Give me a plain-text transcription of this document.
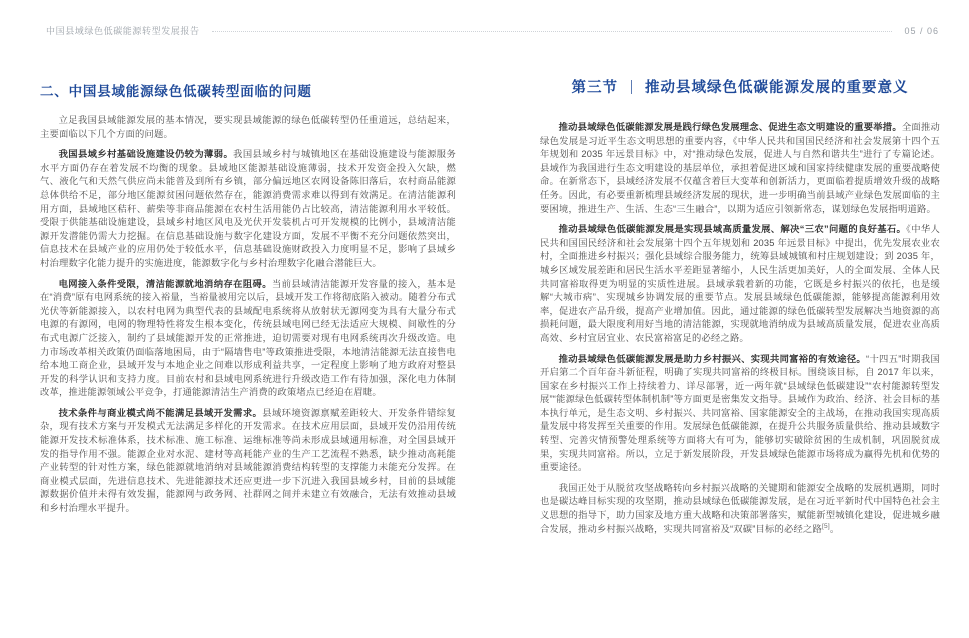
中国县域绿色低碳能源转型发展报告	05 / 06
二、中国县域能源绿色低碳转型面临的问题

立足我国县域能源发展的基本情况，要实现县域能源的绿色低碳转型仍任重道远，总结起来，主要面临以下几个方面的问题。

我国县域乡村基础设施建设仍较为薄弱。我国县域乡村与城镇地区在基础设施建设与能源服务水平方面仍存在着发展不均衡的现象。县域地区能源基础设施薄弱，技术开发资金投入欠缺，燃气、液化气和天然气供应尚未能普及到所有乡镇，部分偏远地区农网设备陈旧落后，农村商品能源总体供给不足，部分地区能源贫困问题依然存在，能源消费需求难以得到有效满足。在清洁能源利用方面，县域地区秸秆、薪柴等非商品能源在农村生活用能仍占比较高，清洁能源利用水平较低。受限于供能基础设施建设，县域乡村地区风电及光伏开发装机占可开发规模的比例小，县域清洁能源开发潜能仍需大力挖掘。在信息基础设施与数字化建设方面，发展不平衡不充分问题依然突出，信息技术在县域产业的应用仍处于较低水平，信息基础设施财政投入力度明显不足，影响了县域乡村治理数字化能力提升的实施进度，能源数字化与乡村治理数字化融合潜能巨大。

电网接入条件受限，清洁能源就地消纳存在阻碍。当前县域清洁能源开发容量的接入，基本是在“消费”原有电网系统的接入裕量，当裕量被用完以后，县域开发工作将彻底陷入被动。随着分布式光伏等新能源接入，以农村电网为典型代表的县域配电系统将从放射状无源网变为具有大量分布式电源的有源网，电网的物理特性将发生根本变化，传统县域电网已经无法适应大规模、间歇性的分布式电源广泛接入，制约了县域能源开发的正常推进，迫切需要对现有电网系统再次升级改造。电力市场改革相关政策仍面临落地困局，由于“隔墙售电”等政策推进受限，本地清洁能源无法直接售电给本地工商企业，县域开发与本地企业之间难以形成利益共享，一定程度上影响了地方政府对整县开发的科学认识和支持力度。目前农村和县域电网系统进行升级改造工作有待加强，深化电力体制改革，推进能源领域公平竞争，打通能源清洁生产消费的政策堵点已经迫在眉睫。

技术条件与商业模式尚不能满足县域开发需求。县域环境资源禀赋差距较大、开发条件错综复杂，现有技术方案与开发模式无法满足多样化的开发需求。在技术应用层面，县域开发仍沿用传统能源开发技术标准体系，技术标准、施工标准、运维标准等尚未形成县域通用标准，对全国县域开发的指导作用不强。能源企业对水泥、建材等高耗能产业的生产工艺流程不熟悉，缺少推动高耗能产业转型的针对性方案，绿色能源就地消纳对县域能源消费结构转型的支撑能力未能充分发挥。在商业模式层面，先进信息技术、先进能源技术还应更进一步下沉进入我国县域乡村，目前的县域能源数据价值并未得有效发掘，能源网与政务网、社群网之间并未建立有效融合，无法有效推动县域和乡村治理水平提升。

第三节 推动县域绿色低碳能源发展的重要意义

推动县域绿色低碳能源发展是践行绿色发展理念、促进生态文明建设的重要举措。全面推动绿色发展是习近平生态文明思想的重要内容，《中华人民共和国国民经济和社会发展第十四个五年规划和 2035 年远景目标》中，对“推动绿色发展，促进人与自然和谐共生”进行了专篇论述。县域作为我国进行生态文明建设的基层单位，承担着促进区域和国家持续健康发展的重要战略使命。在新常态下，县域经济发展不仅蕴含着巨大变革和创新活力，更面临着提质增效升级的战略任务。因此，有必要重新梳理县域经济发展的现状，进一步明确当前县域产业绿色发展面临的主要困境，推进生产、生活、生态“三生融合”，以期为适应引领新常态，谋划绿色发展指明道路。

推动县域绿色低碳能源发展是实现县域高质量发展、解决“三农”问题的良好基石。《中华人民共和国国民经济和社会发展第十四个五年规划和 2035 年远景目标》中提出，优先发展农业农村，全面推进乡村振兴；强化县域综合服务能力，统筹县域城镇和村庄规划建设；到 2035 年，城乡区域发展差距和居民生活水平差距显著缩小，人民生活更加美好，人的全面发展、全体人民共同富裕取得更为明显的实质性进展。县域承载着新的功能，它既是乡村振兴的依托，也是缓解“大城市病”、实现城乡协调发展的重要节点。发展县域绿色低碳能源，能够提高能源利用效率，促进农产品升级，提高产业增加值。因此，通过能源的绿色低碳转型发展解决当地资源的高损耗问题，最大限度利用好当地的清洁能源，实现就地消纳成为县域高质量发展，促进农业高质高效、乡村宜居宜业、农民富裕富足的必经之路。

推动县域绿色低碳能源发展是助力乡村振兴、实现共同富裕的有效途径。“十四五”时期我国开启第二个百年奋斗新征程，明确了实现共同富裕的终极目标。围绕该目标，自 2017 年以来，国家在乡村振兴工作上持续着力、详尽部署，近一两年就“县域绿色低碳建设”“农村能源转型发展”“能源绿色低碳转型体制机制”等方面更是密集发文指导。县域作为政治、经济、社会目标的基本执行单元，是生态文明、乡村振兴、共同富裕、国家能源安全的主战场，在推动我国实现高质量发展中将发挥至关重要的作用。发展绿色低碳能源，在提升公共服务质量供给、推动县域数字转型、完善灾情预警处理系统等方面将大有可为，能够切实破除贫困的生成机制，巩固脱贫成果，实现共同富裕。所以，立足于新发展阶段，开发县域绿色能源市场将成为赢得先机和优势的重要途径。

我国正处于从脱贫攻坚战略转向乡村振兴战略的关键期和能源安全战略的发展机遇期，同时也是碳达峰目标实现的攻坚期，推动县域绿色低碳能源发展，是在习近平新时代中国特色社会主义思想的指导下，助力国家及地方重大战略和决策部署落实，赋能新型城镇化建设，促进城乡融合发展，推动乡村振兴战略，实现共同富裕及“双碳”目标的必经之路[5]。
